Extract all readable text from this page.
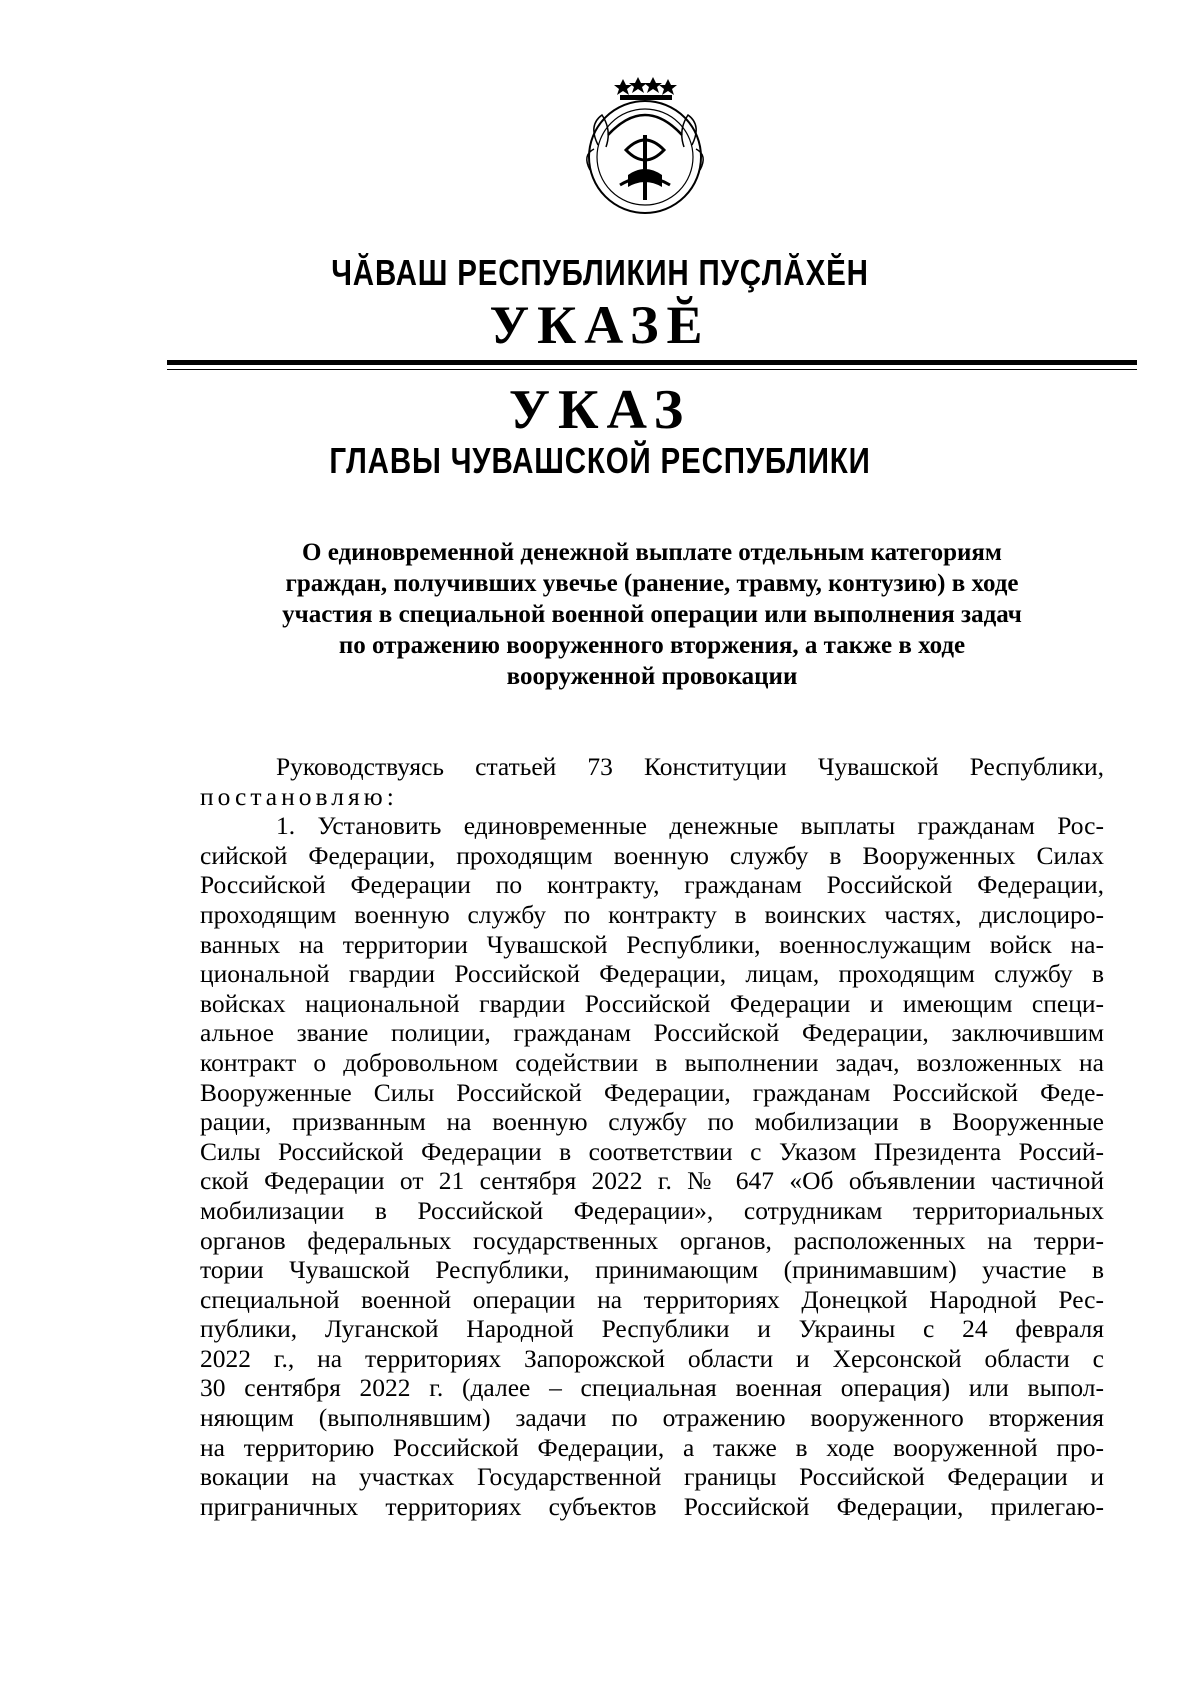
ЧĂВАШ РЕСПУБЛИКИН ПУÇЛĂХĔН
УКАЗĔ
УКАЗ
ГЛАВЫ ЧУВАШСКОЙ РЕСПУБЛИКИ
О единовременной денежной выплате отдельным категориям
граждан, получивших увечье (ранение, травму, контузию) в ходе
участия в специальной военной операции или выполнения задач
по отражению вооруженного вторжения, а также в ходе
вооруженной провокации
Руководствуясь статьей 73 Конституции Чувашской Республики,
постановляю:
1. Установить единовременные денежные выплаты гражданам Рос-
сийской Федерации, проходящим военную службу в Вооруженных Силах
Российской Федерации по контракту, гражданам Российской Федерации,
проходящим военную службу по контракту в воинских частях, дислоциро-
ванных на территории Чувашской Республики, военнослужащим войск на-
циональной гвардии Российской Федерации, лицам, проходящим службу в
войсках национальной гвардии Российской Федерации и имеющим специ-
альное звание полиции, гражданам Российской Федерации, заключившим
контракт о добровольном содействии в выполнении задач, возложенных на
Вооруженные Силы Российской Федерации, гражданам Российской Феде-
рации, призванным на военную службу по мобилизации в Вооруженные
Силы Российской Федерации в соответствии с Указом Президента Россий-
ской Федерации от 21 сентября 2022 г. № 647 «Об объявлении частичной
мобилизации в Российской Федерации», сотрудникам территориальных
органов федеральных государственных органов, расположенных на терри-
тории Чувашской Республики, принимающим (принимавшим) участие в
специальной военной операции на территориях Донецкой Народной Рес-
публики, Луганской Народной Республики и Украины с 24 февраля
2022 г., на территориях Запорожской области и Херсонской области с
30 сентября 2022 г. (далее – специальная военная операция) или выпол-
няющим (выполнявшим) задачи по отражению вооруженного вторжения
на территорию Российской Федерации, а также в ходе вооруженной про-
вокации на участках Государственной границы Российской Федерации и
приграничных территориях субъектов Российской Федерации, прилегаю-
